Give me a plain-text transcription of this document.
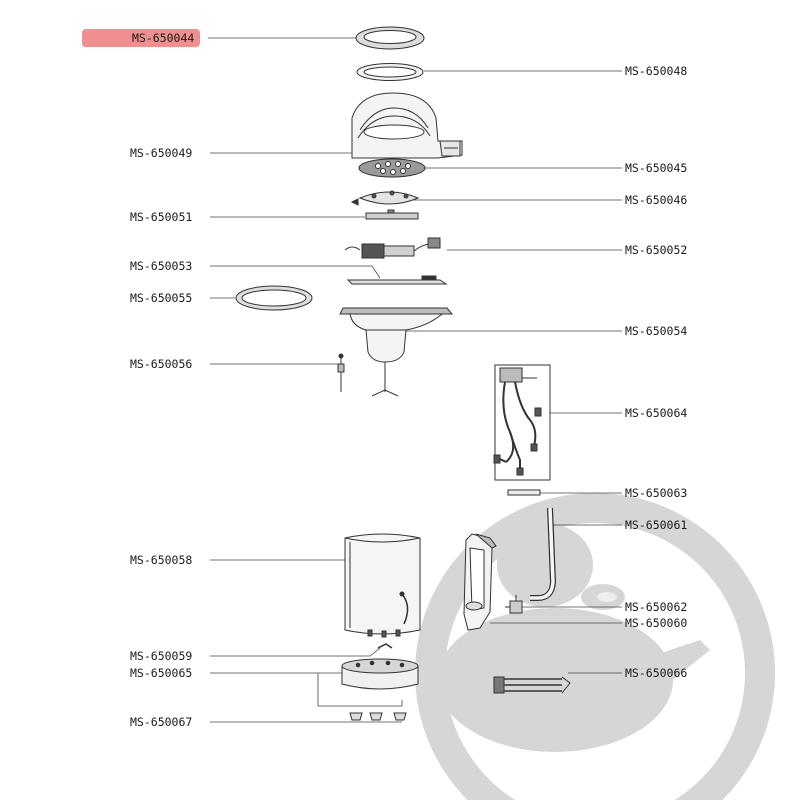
MS-650044
MS-650049
MS-650051
MS-650053
MS-650055
MS-650056
MS-650058
MS-650059
MS-650065
MS-650067
MS-650048
MS-650045
MS-650046
MS-650052
MS-650054
MS-650064
MS-650063
MS-650061
MS-650062
MS-650060
MS-650066
